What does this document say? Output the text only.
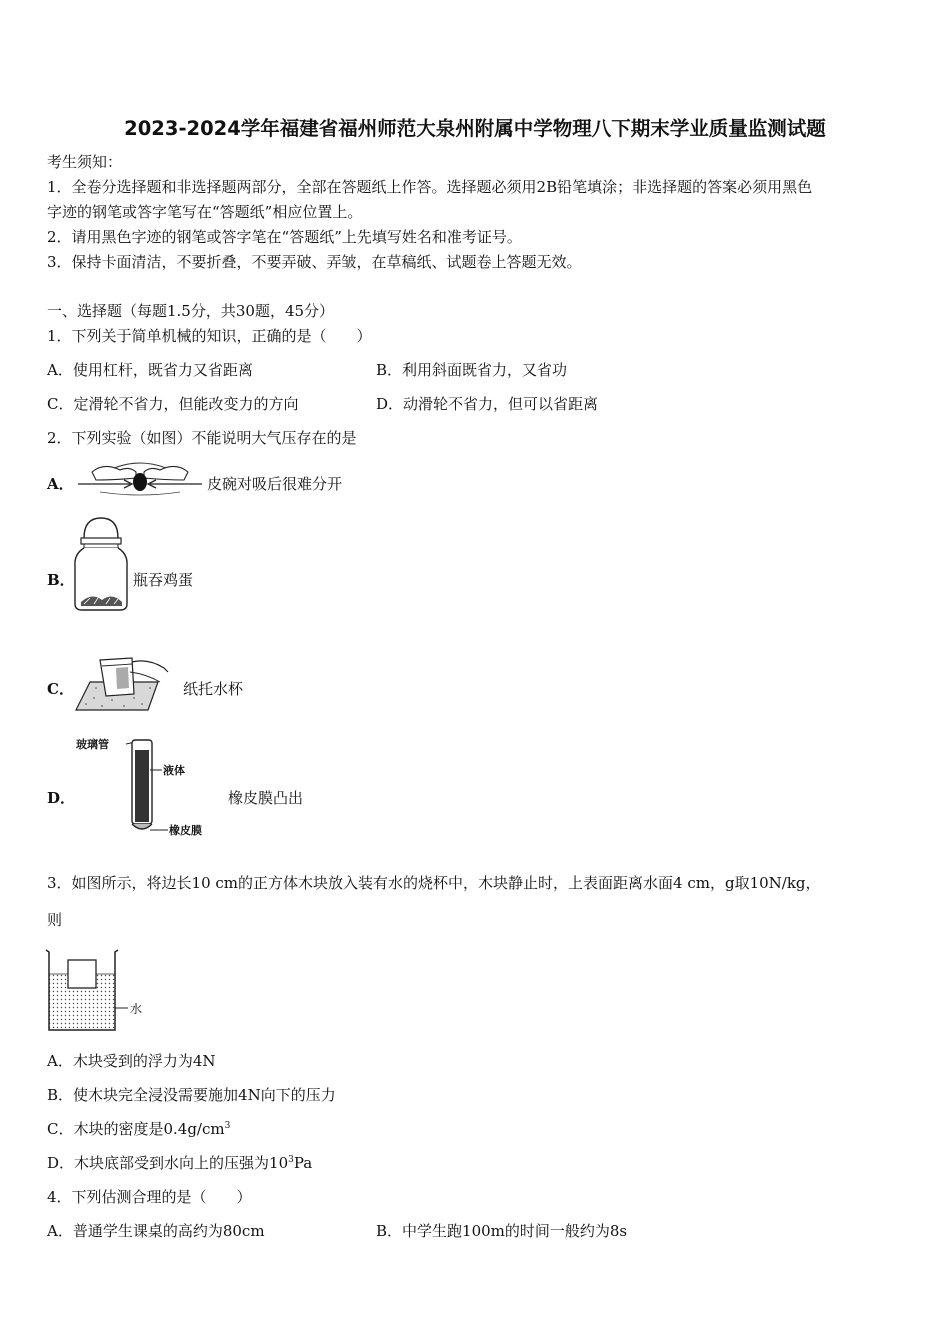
2023-2024学年福建省福州师范大泉州附属中学物理八下期末学业质量监测试题
考生须知：
1．全卷分选择题和非选择题两部分，全部在答题纸上作答。选择题必须用2B铅笔填涂；非选择题的答案必须用黑色
字迹的钢笔或答字笔写在“答题纸”相应位置上。
2．请用黑色字迹的钢笔或答字笔在“答题纸”上先填写姓名和准考证号。
3．保持卡面清洁，不要折叠，不要弄破、弄皱，在草稿纸、试题卷上答题无效。
一、选择题（每题1.5分，共30题，45分）
1．下列关于简单机械的知识，正确的是（　　）
A．使用杠杆，既省力又省距离	B．利用斜面既省力，又省功
C．定滑轮不省力，但能改变力的方向	D．动滑轮不省力，但可以省距离
2．下列实验（如图）不能说明大气压存在的是
A．	皮碗对吸后很难分开
B．	瓶吞鸡蛋
C．	纸托水杯
D．
玻璃管
液体
橡皮膜
橡皮膜凸出
3．如图所示，将边长10 cm的正方体木块放入装有水的烧杯中，木块静止时，上表面距离水面4 cm，g取10N/kg，
则
水
A．木块受到的浮力为4N
B．使木块完全浸没需要施加4N向下的压力
C．木块的密度是$0.4g/cm^3$
D．木块底部受到水向上的压强为$10^3Pa$
4．下列估测合理的是（　　）
A．普通学生课桌的高约为80cm	B．中学生跑100m的时间一般约为8s
